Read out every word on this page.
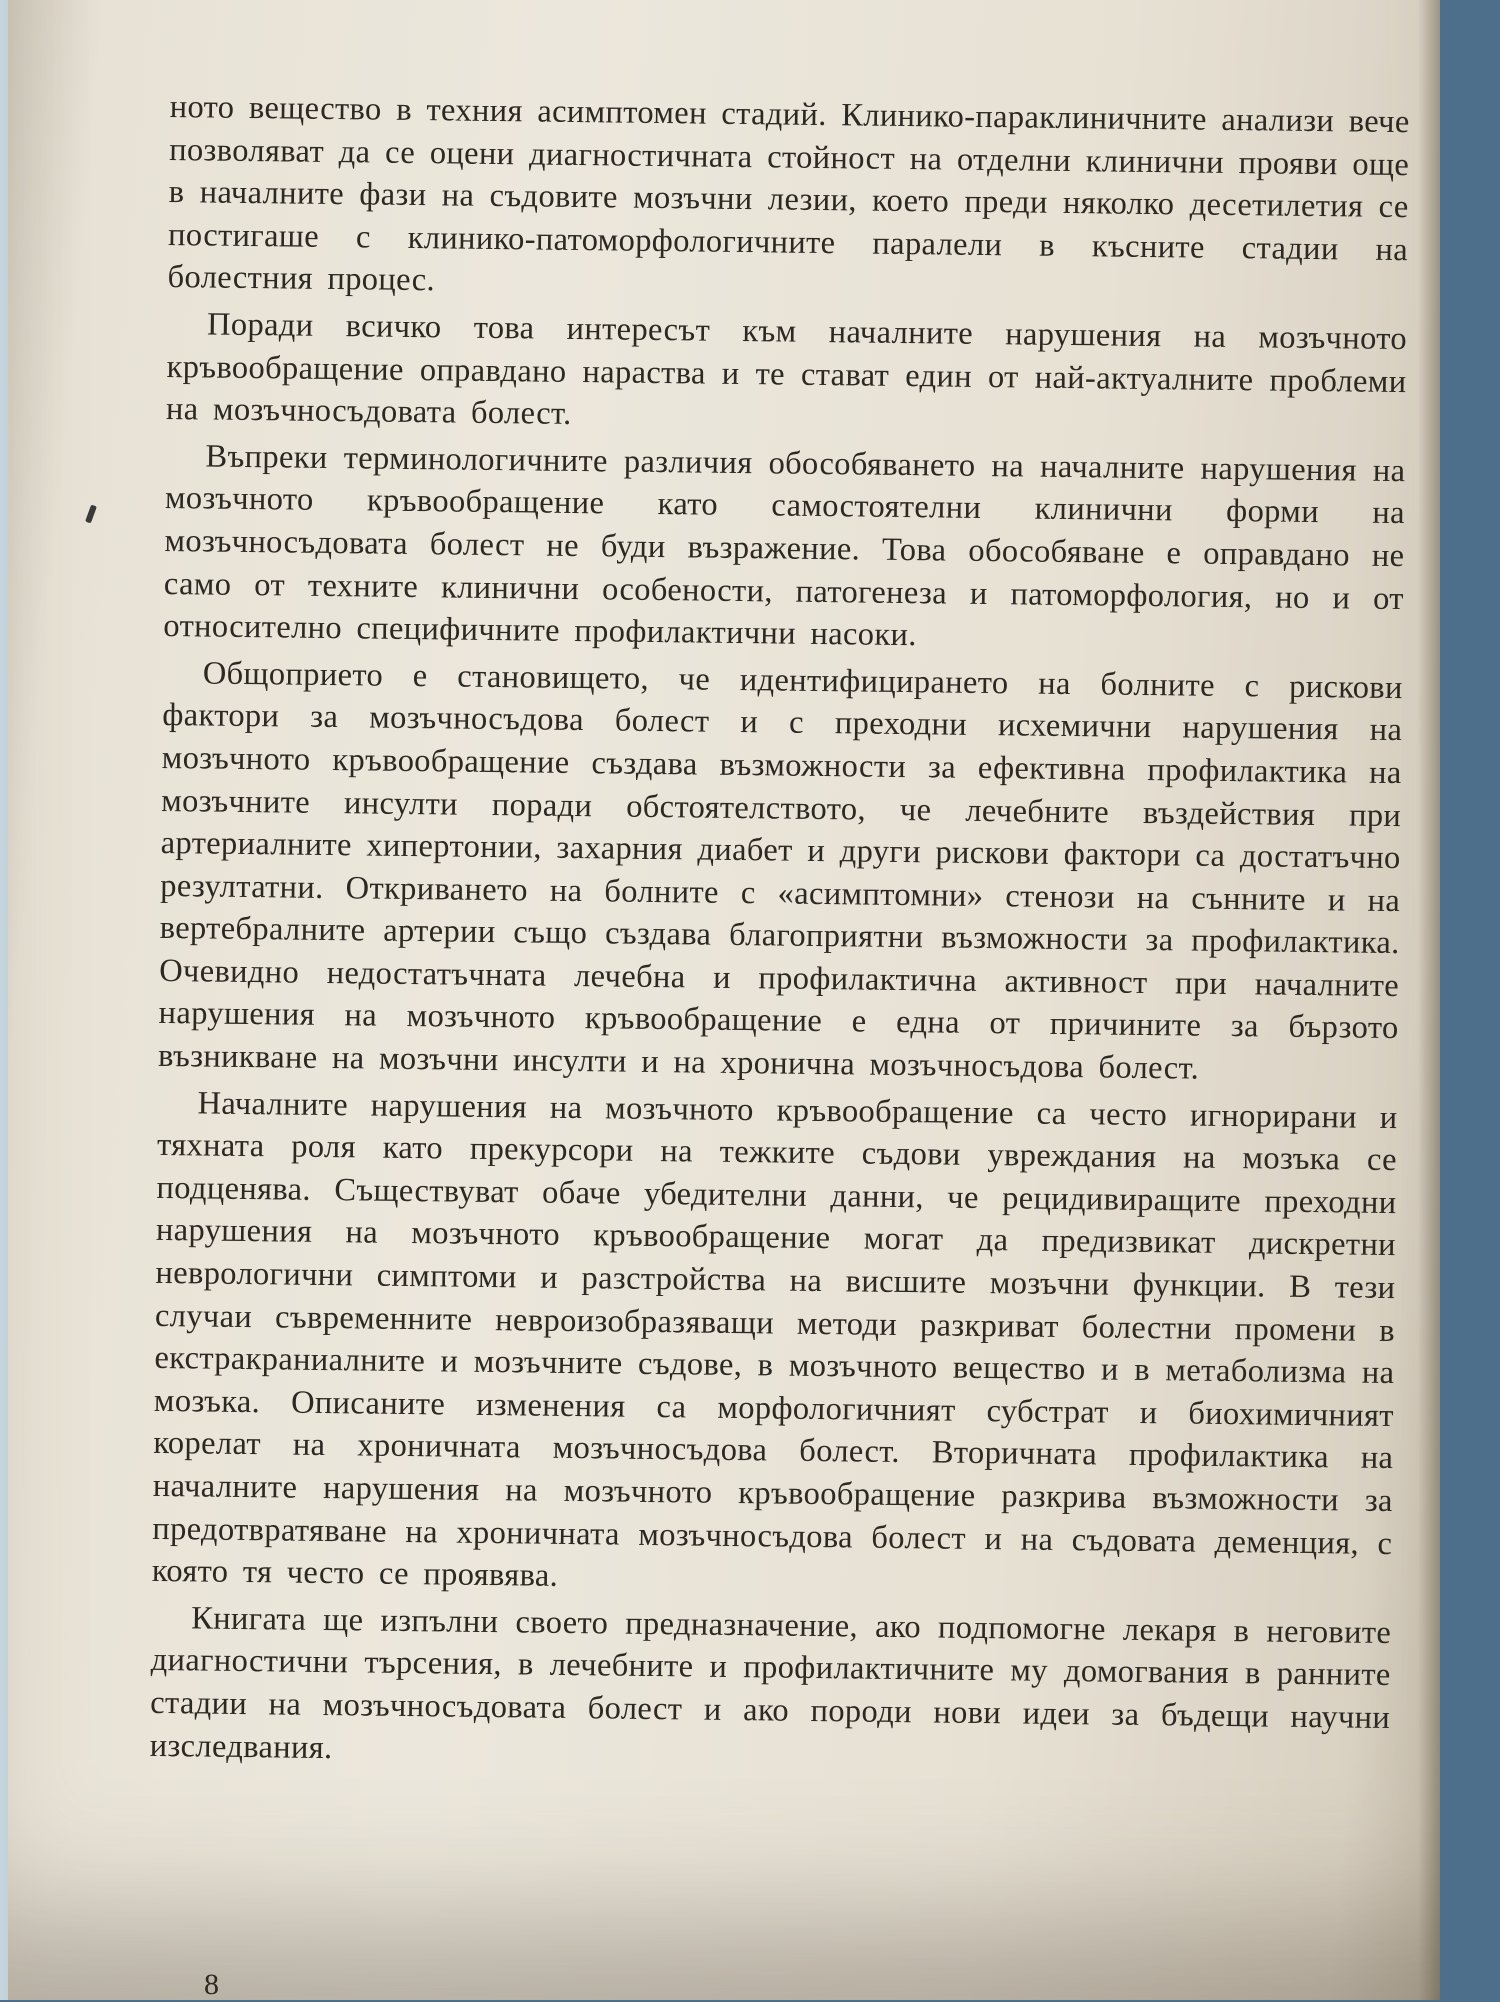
ното вещество в техния асимптомен стадий. Клинико-параклиничните анализи вече позволяват да се оцени диагностичната стойност на отделни клинични прояви още в началните фази на съдовите мозъчни лезии, което преди няколко десетилетия се постигаше с клинико-патоморфологичните паралели в късните стадии на болестния процес.

Поради всичко това интересът към началните нарушения на мозъчното кръвообращение оправдано нараства и те стават един от най-актуалните проблеми на мозъчносъдовата болест.

Въпреки терминологичните различия обособяването на началните нарушения на мозъчното кръвообращение като самостоятелни клинични форми на мозъчносъдовата болест не буди възражение. Това обособяване е оправдано не само от техните клинични особености, патогенеза и патоморфология, но и от относително специфичните профилактични насоки.

Общоприето е становището, че идентифицирането на болните с рискови фактори за мозъчносъдова болест и с преходни исхемични нарушения на мозъчното кръвообращение създава възможности за ефективна профилактика на мозъчните инсулти поради обстоятелството, че лечебните въздействия при артериалните хипертонии, захарния диабет и други рискови фактори са достатъчно резултатни. Откриването на болните с «асимптомни» стенози на сънните и на вертебралните артерии също създава благоприятни възможности за профилактика. Очевидно недостатъчната лечебна и профилактична активност при началните нарушения на мозъчното кръвообращение е една от причините за бързото възникване на мозъчни инсулти и на хронична мозъчносъдова болест.

Началните нарушения на мозъчното кръвообращение са често игнорирани и тяхната роля като прекурсори на тежките съдови увреждания на мозъка се подценява. Съществуват обаче убедителни данни, че рецидивиращите преходни нарушения на мозъчното кръвообращение могат да предизвикат дискретни неврологични симптоми и разстройства на висшите мозъчни функции. В тези случаи съвременните невроизобразяващи методи разкриват болестни промени в екстракраниалните и мозъчните съдове, в мозъчното вещество и в метаболизма на мозъка. Описаните изменения са морфологичният субстрат и биохимичният корелат на хроничната мозъчносъдова болест. Вторичната профилактика на началните нарушения на мозъчното кръвообращение разкрива възможности за предотвратяване на хроничната мозъчносъдова болест и на съдовата деменция, с която тя често се проявява.

Книгата ще изпълни своето предназначение, ако подпомогне лекаря в неговите диагностични търсения, в лечебните и профилактичните му домогвания в ранните стадии на мозъчносъдовата болест и ако породи нови идеи за бъдещи научни изследвания.

8
